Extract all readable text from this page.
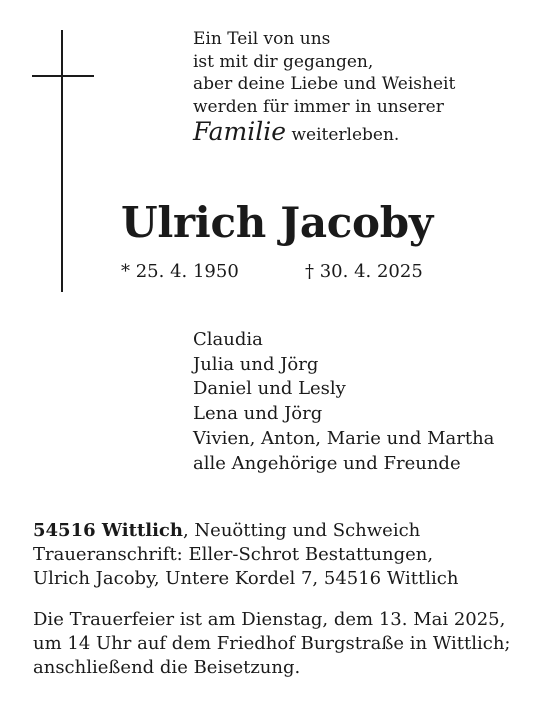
Ein Teil von uns
ist mit dir gegangen,
aber deine Liebe und Weisheit
werden für immer in unserer
Familie weiterleben.
Ulrich Jacoby
* 25. 4. 1950	† 30. 4. 2025
Claudia
Julia und Jörg
Daniel und Lesly
Lena und Jörg
Vivien, Anton, Marie und Martha
alle Angehörige und Freunde
54516 Wittlich, Neuötting und Schweich
Traueranschrift: Eller-Schrot Bestattungen,
Ulrich Jacoby, Untere Kordel 7, 54516 Wittlich
Die Trauerfeier ist am Dienstag, dem 13. Mai 2025,
um 14 Uhr auf dem Friedhof Burgstraße in Wittlich;
anschließend die Beisetzung.
